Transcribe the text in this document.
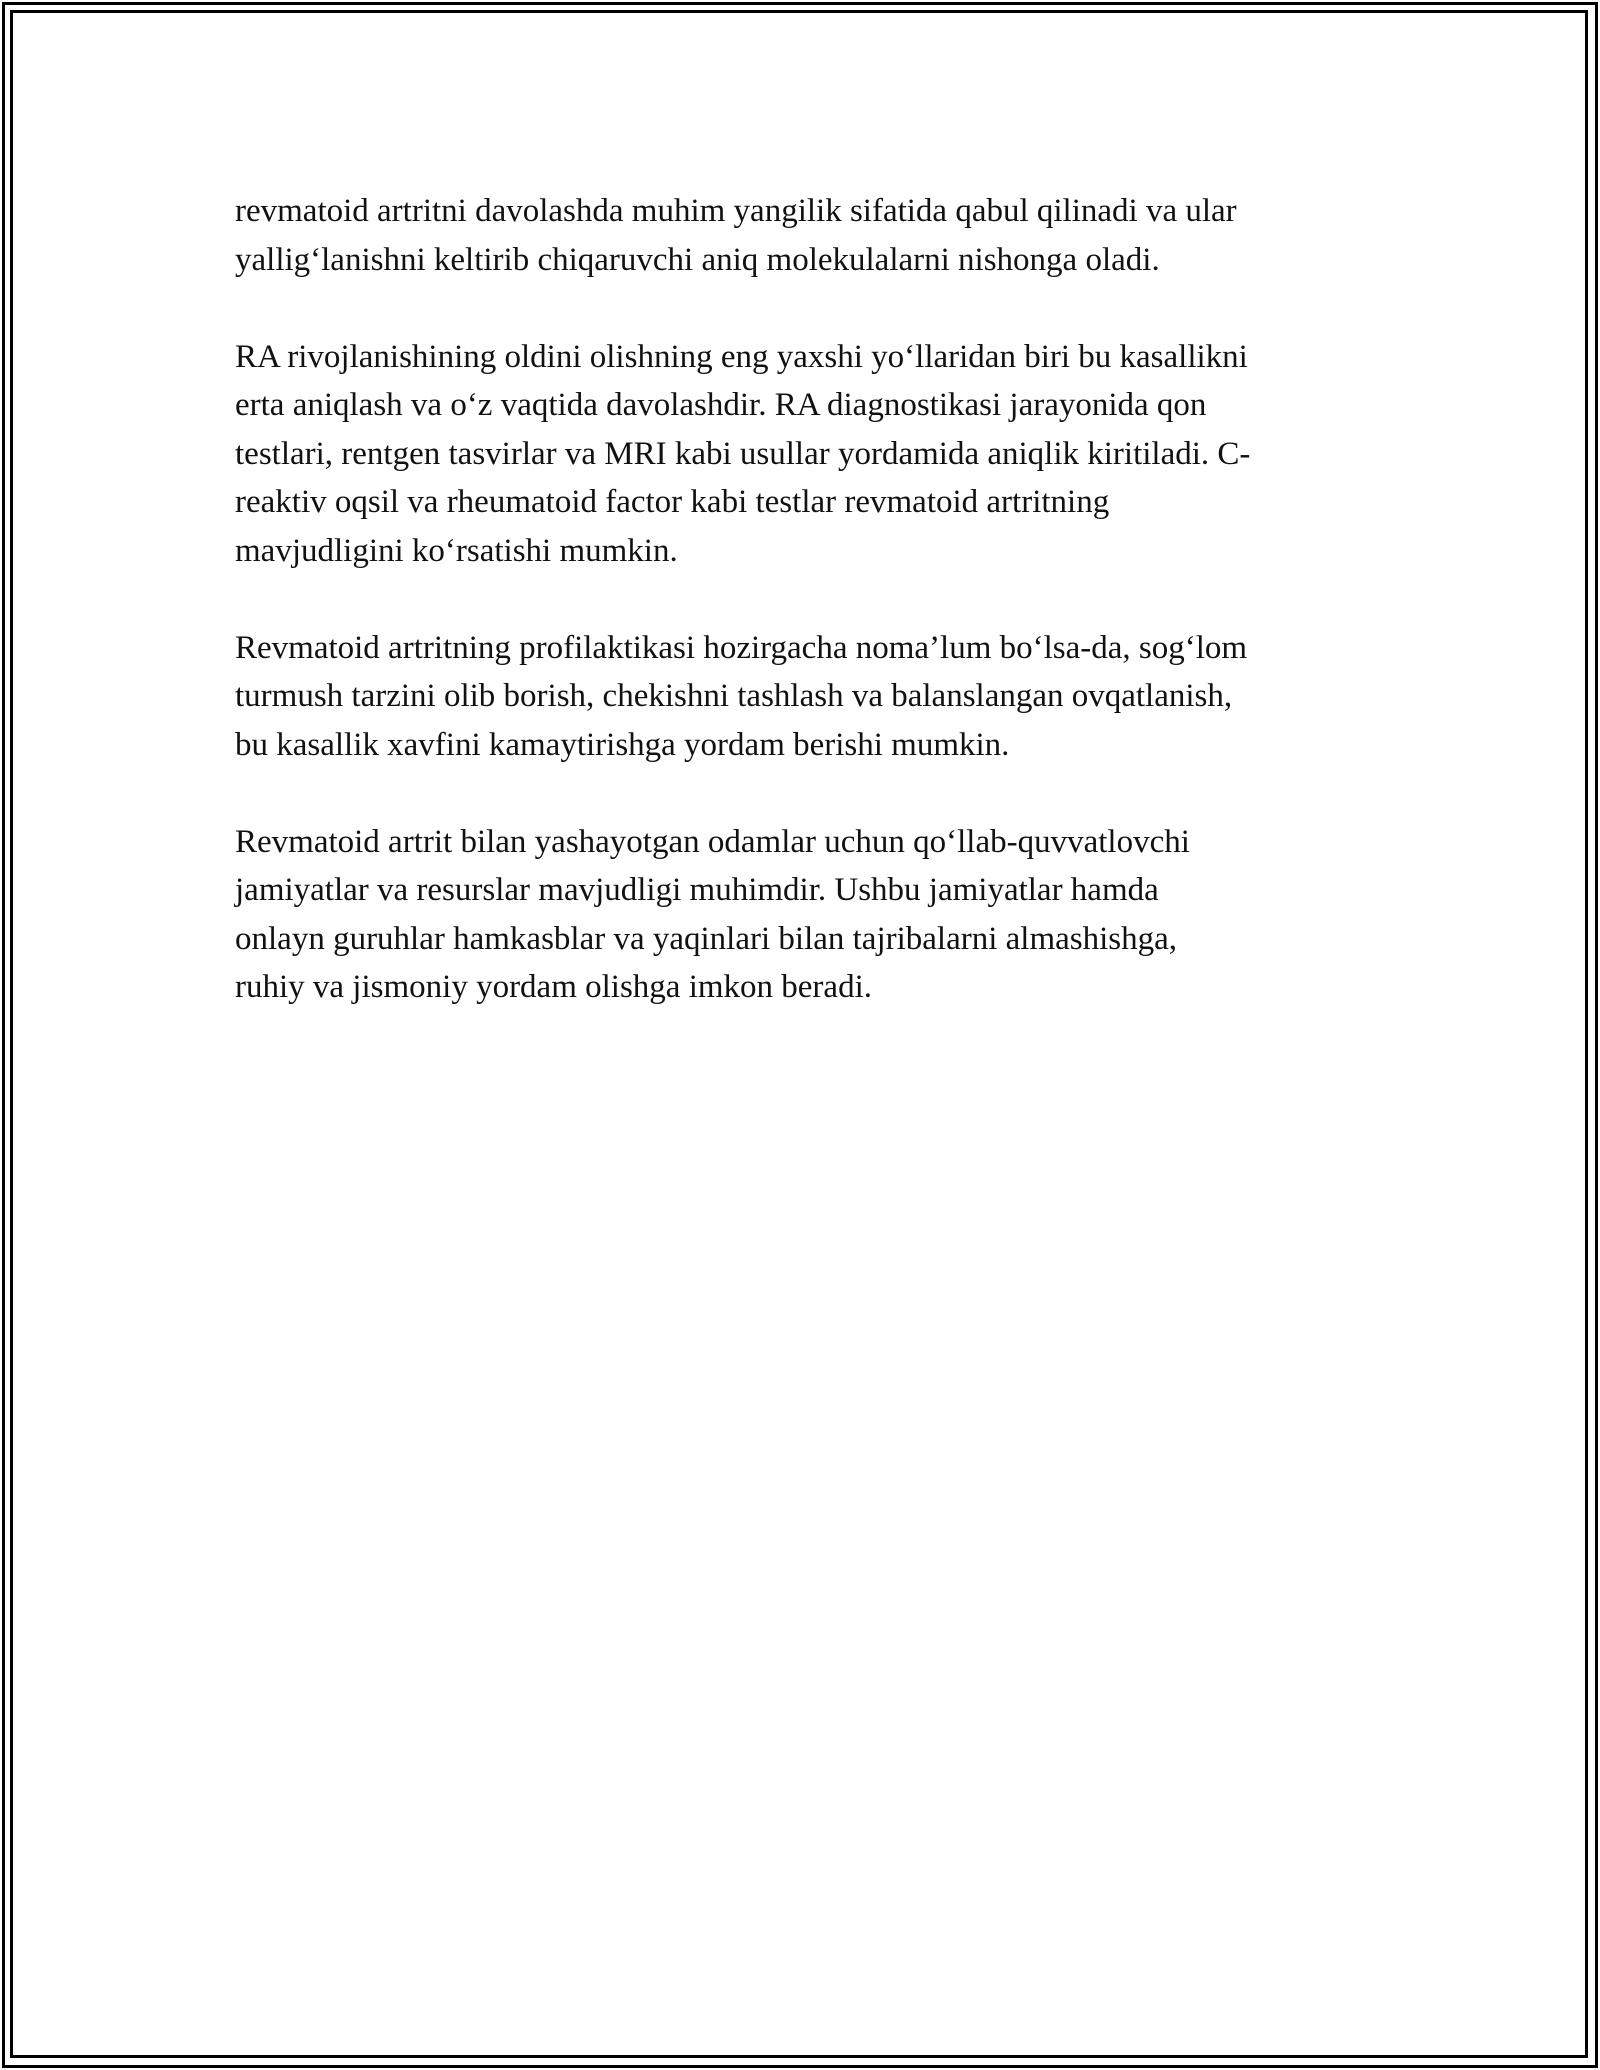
revmatoid artritni davolashda muhim yangilik sifatida qabul qilinadi va ular
yallig‘lanishni keltirib chiqaruvchi aniq molekulalarni nishonga oladi.

RA rivojlanishining oldini olishning eng yaxshi yo‘llaridan biri bu kasallikni
erta aniqlash va o‘z vaqtida davolashdir. RA diagnostikasi jarayonida qon
testlari, rentgen tasvirlar va MRI kabi usullar yordamida aniqlik kiritiladi. C-
reaktiv oqsil va rheumatoid factor kabi testlar revmatoid artritning
mavjudligini ko‘rsatishi mumkin.

Revmatoid artritning profilaktikasi hozirgacha noma’lum bo‘lsa-da, sog‘lom
turmush tarzini olib borish, chekishni tashlash va balanslangan ovqatlanish,
bu kasallik xavfini kamaytirishga yordam berishi mumkin.

Revmatoid artrit bilan yashayotgan odamlar uchun qo‘llab-quvvatlovchi
jamiyatlar va resurslar mavjudligi muhimdir. Ushbu jamiyatlar hamda
onlayn guruhlar hamkasblar va yaqinlari bilan tajribalarni almashishga,
ruhiy va jismoniy yordam olishga imkon beradi.
